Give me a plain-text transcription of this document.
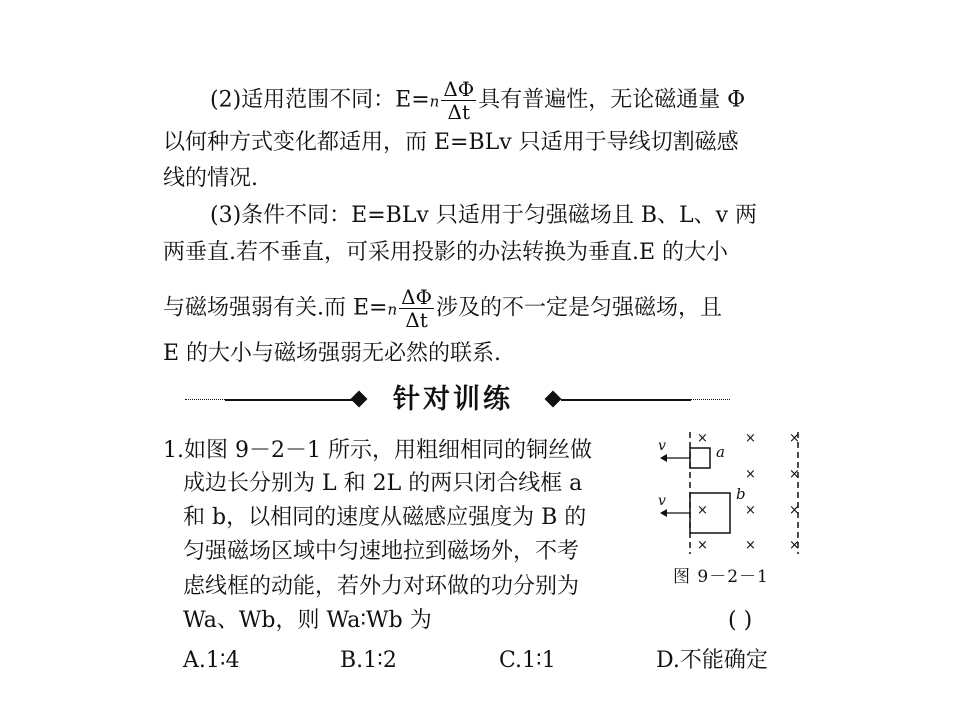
(2)适用范围不同：$E=n \frac{\Delta\Phi}{\Delta t}$ 具有普遍性，无论磁通量 Φ
以何种方式变化都适用，而 E=BLv 只适用于导线切割磁感
线的情况.
(3)条件不同：E=BLv 只适用于匀强磁场且 B、L、v 两
两垂直.若不垂直，可采用投影的办法转换为垂直.E 的大小
与磁场强弱有关.而 $E=n \frac{\Delta\Phi}{\Delta t}$ 涉及的不一定是匀强磁场，且
E 的大小与磁场强弱无必然的联系.
针对训练
1.如图 9－2－1 所示，用粗细相同的铜丝做
成边长分别为 L 和 2L 的两只闭合线框 a
和 b，以相同的速度从磁感应强度为 B 的
匀强磁场区域中匀速地拉到磁场外，不考
虑线框的动能，若外力对环做的功分别为
Wa、Wb，则 Wa∶Wb 为	( )
A.1∶4	B.1∶2	C.1∶1	D.不能确定
×	×	×
×	×
×	×	×
×	×	×
a
v
b
v
图 9－2－1
